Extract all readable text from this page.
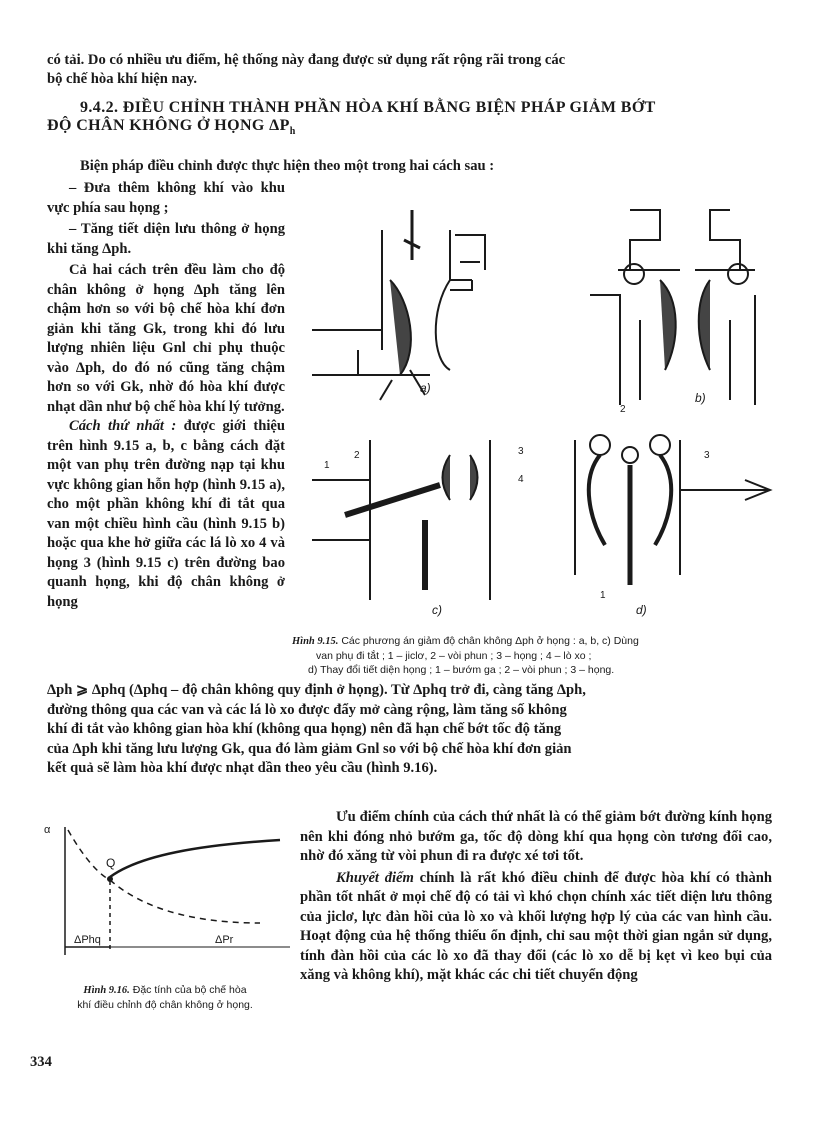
có tải. Do có nhiều ưu điểm, hệ thống này đang được sử dụng rất rộng rãi trong các
bộ chế hòa khí hiện nay.
9.4.2. ĐIỀU CHỈNH THÀNH PHẦN HÒA KHÍ BẰNG BIỆN PHÁP GIẢM BỚT
ĐỘ CHÂN KHÔNG Ở HỌNG $\Delta P_h$
Biện pháp điều chỉnh được thực hiện theo một trong hai cách sau :
– Đưa thêm không khí vào khu vực phía sau họng ;
– Tăng tiết diện lưu thông ở họng khi tăng Δph.
Cả hai cách trên đều làm cho độ chân không ở họng Δph tăng lên chậm hơn so với bộ chế hòa khí đơn giản khi tăng Gk, trong khi đó lưu lượng nhiên liệu Gnl chỉ phụ thuộc vào Δph, do đó nó cũng tăng chậm hơn so với Gk, nhờ đó hòa khí được nhạt dần như bộ chế hòa khí lý tưởng.
Cách thứ nhất : được giới thiệu trên hình 9.15 a, b, c bằng cách đặt một van phụ trên đường nạp tại khu vực không gian hỗn hợp (hình 9.15 a), cho một phần không khí đi tắt qua van một chiều hình cầu (hình 9.15 b) hoặc qua khe hở giữa các lá lò xo 4 và họng 3 (hình 9.15 c) trên đường bao quanh họng, khi độ chân không ở họng
a)
b)
1
2	3
4
c)
2
3
1
d)
Hình 9.15. Các phương án giảm độ chân không Δph ở họng : a, b, c) Dùng
van phụ đi tắt ; 1 – jiclơ, 2 – vòi phun ; 3 – họng ; 4 – lò xo ;
d) Thay đổi tiết diện họng ; 1 – bướm ga ; 2 – vòi phun ; 3 – họng.
Δph ⩾ Δphq (Δphq – độ chân không quy định ở họng). Từ Δphq trở đi, càng tăng Δph,
đường thông qua các van và các lá lò xo được đẩy mở càng rộng, làm tăng số không
khí đi tắt vào không gian hòa khí (không qua họng) nên đã hạn chế bớt tốc độ tăng
của Δph khi tăng lưu lượng Gk, qua đó làm giảm Gnl so với bộ chế hòa khí đơn giản
kết quả sẽ làm hòa khí được nhạt dần theo yêu cầu (hình 9.16).
α
Q
ΔPhq	ΔPr
Hình 9.16. Đặc tính của bộ chế hòa
khí điều chỉnh độ chân không ở họng.
Ưu điểm chính của cách thứ nhất là có thể giảm bớt đường kính họng nên khi đóng nhỏ bướm ga, tốc độ dòng khí qua họng còn tương đối cao, nhờ đó xăng từ vòi phun đi ra được xé tơi tốt.
Khuyết điểm chính là rất khó điều chỉnh để được hòa khí có thành phần tốt nhất ở mọi chế độ có tải vì khó chọn chính xác tiết diện lưu thông của jiclơ, lực đàn hồi của lò xo và khối lượng hợp lý của các van hình cầu. Hoạt động của hệ thống thiếu ổn định, chỉ sau một thời gian ngắn sử dụng, tính đàn hồi của các lò xo đã thay đổi (các lò xo dễ bị kẹt vì keo bụi của xăng và không khí), mặt khác các chi tiết chuyển động
334
